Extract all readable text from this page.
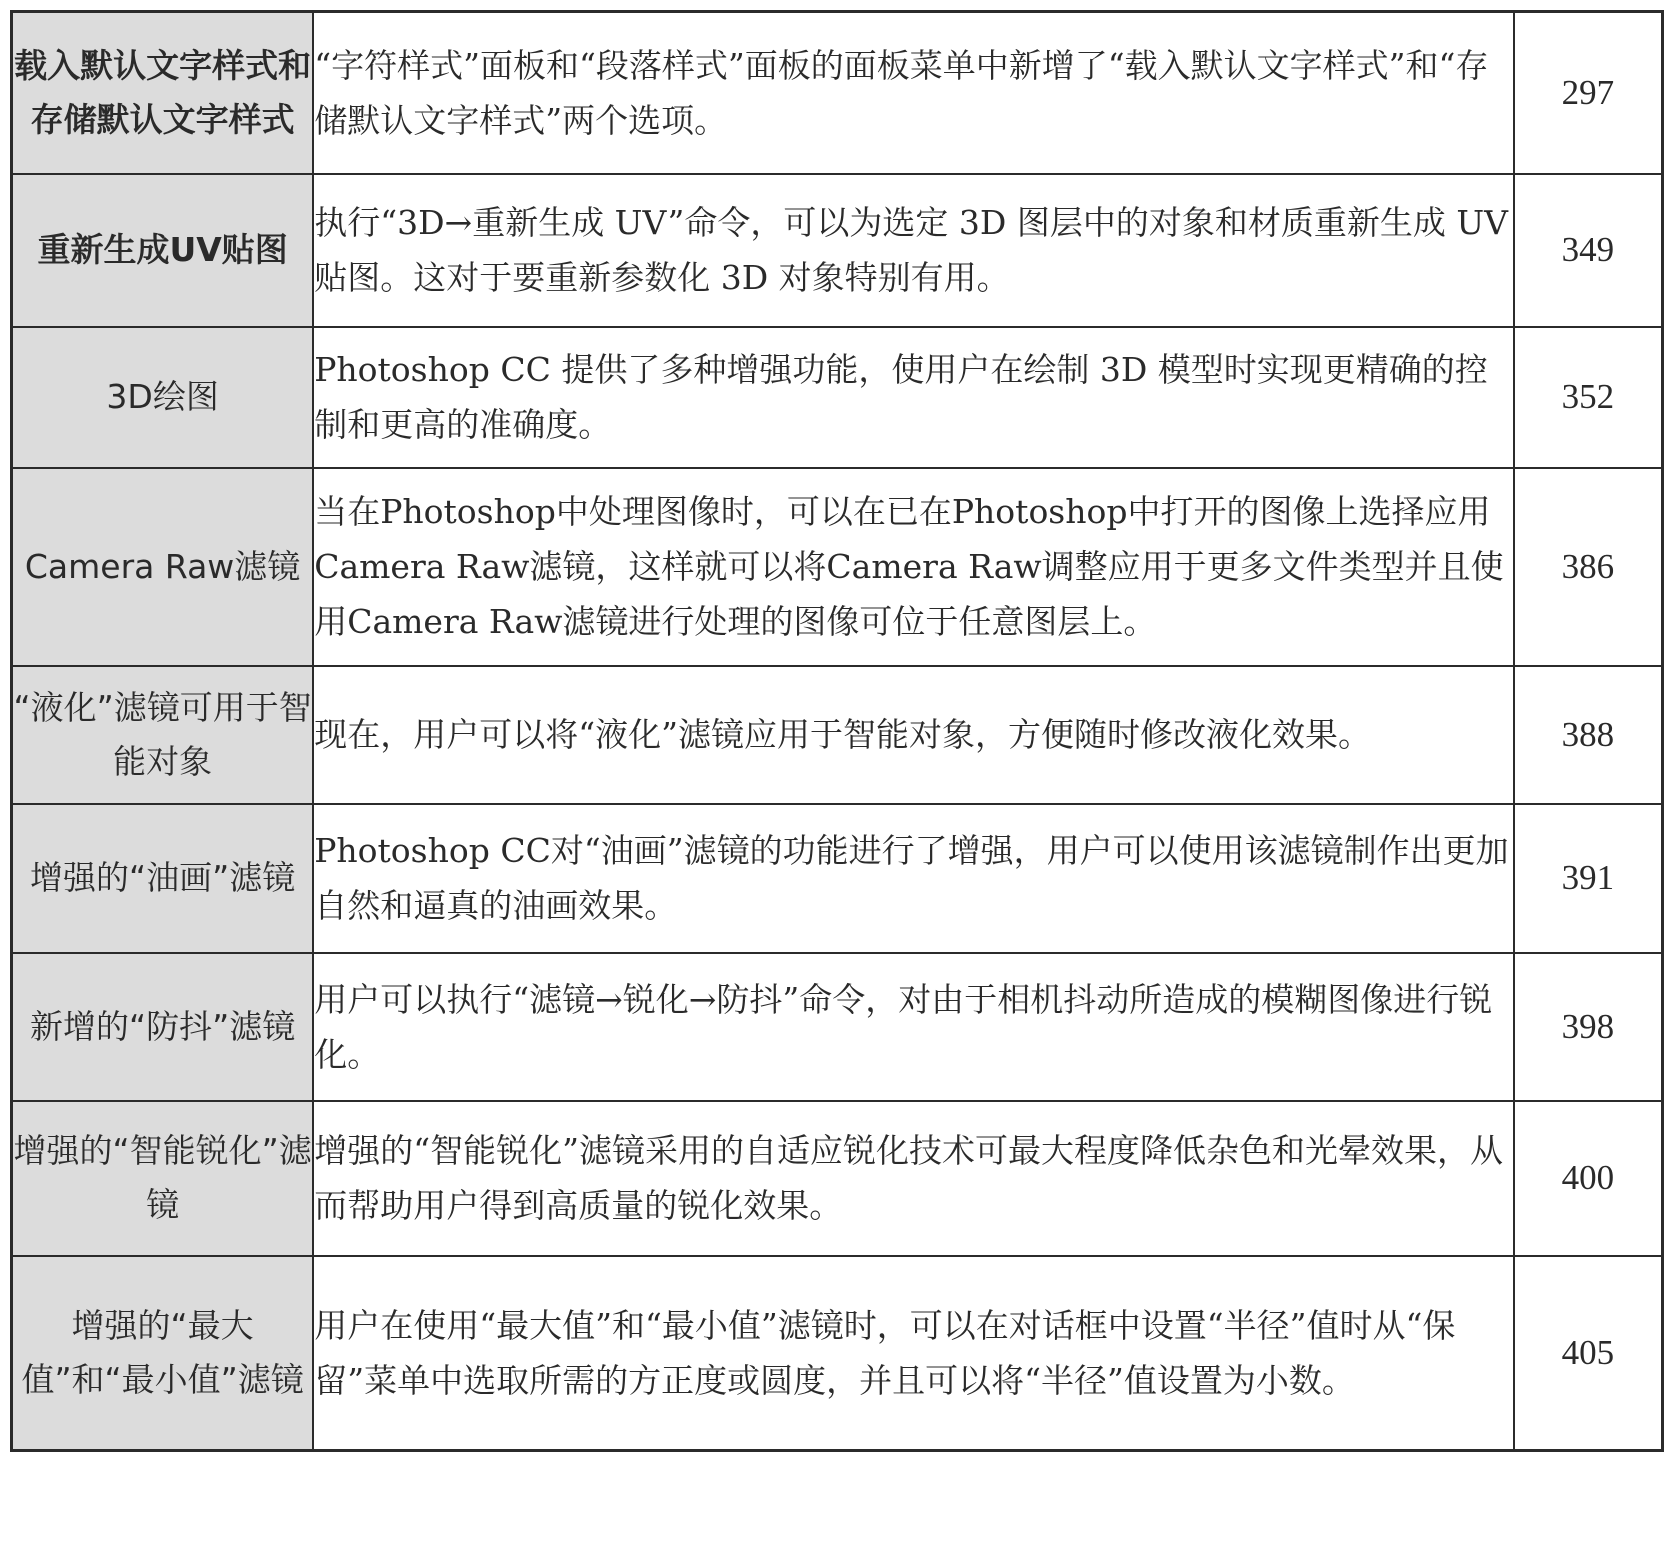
载入默认文字样式和存储默认文字样式	“字符样式”面板和“段落样式”面板的面板菜单中新增了“载入默认文字样式”和“存储默认文字样式”两个选项。	297
重新生成UV贴图	执行“3D→重新生成 UV”命令，可以为选定 3D 图层中的对象和材质重新生成 UV 贴图。这对于要重新参数化 3D 对象特别有用。	349
3D绘图	Photoshop CC 提供了多种增强功能，使用户在绘制 3D 模型时实现更精确的控制和更高的准确度。	352
Camera Raw滤镜	当在Photoshop中处理图像时，可以在已在Photoshop中打开的图像上选择应用Camera Raw滤镜，这样就可以将Camera Raw调整应用于更多文件类型并且使用Camera Raw滤镜进行处理的图像可位于任意图层上。	386
“液化”滤镜可用于智能对象	现在，用户可以将“液化”滤镜应用于智能对象，方便随时修改液化效果。	388
增强的“油画”滤镜	Photoshop CC对“油画”滤镜的功能进行了增强，用户可以使用该滤镜制作出更加自然和逼真的油画效果。	391
新增的“防抖”滤镜	用户可以执行“滤镜→锐化→防抖”命令，对由于相机抖动所造成的模糊图像进行锐化。	398
增强的“智能锐化”滤镜	增强的“智能锐化”滤镜采用的自适应锐化技术可最大程度降低杂色和光晕效果，从而帮助用户得到高质量的锐化效果。	400
增强的“最大值”和“最小值”滤镜	用户在使用“最大值”和“最小值”滤镜时，可以在对话框中设置“半径”值时从“保留”菜单中选取所需的方正度或圆度，并且可以将“半径”值设置为小数。	405
